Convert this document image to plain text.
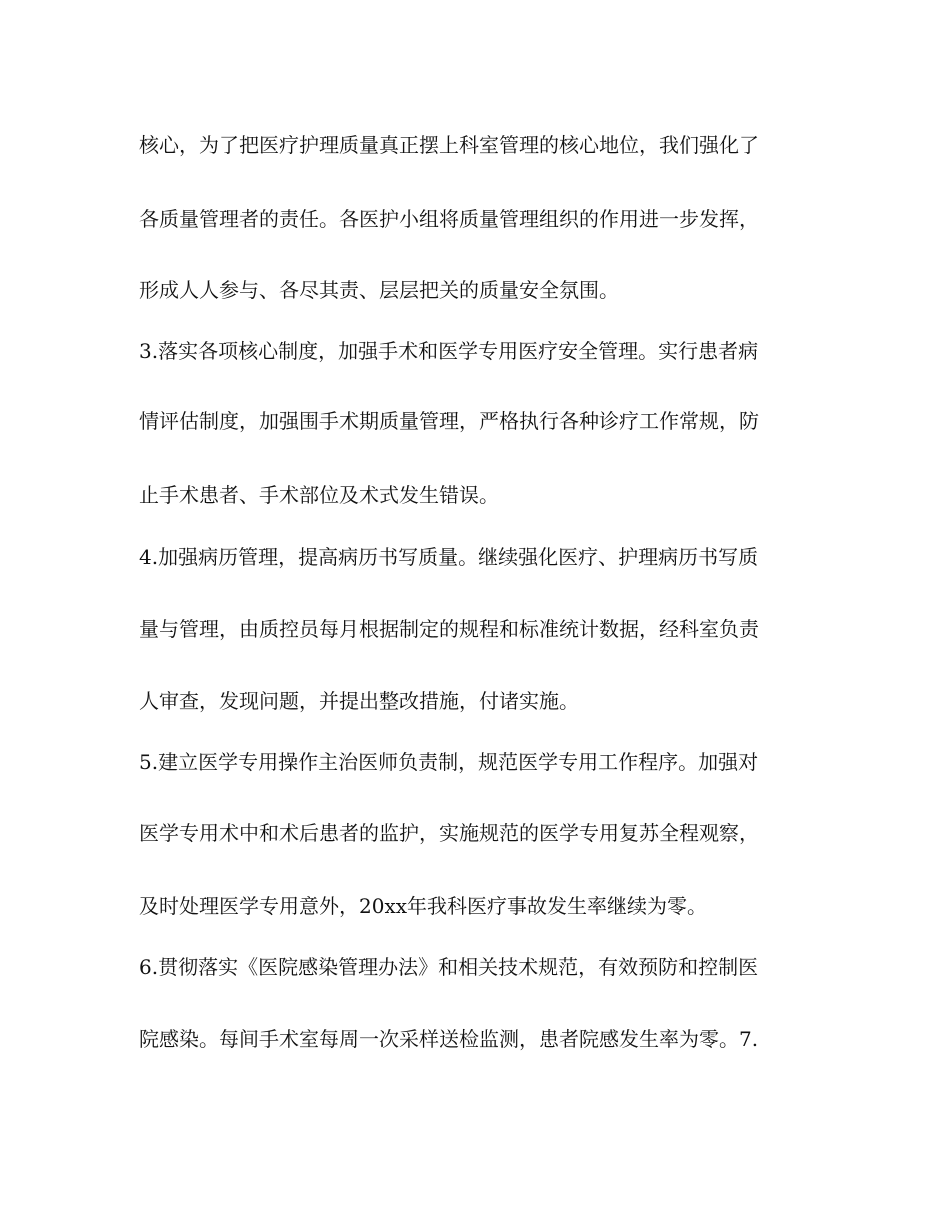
核心，为了把医疗护理质量真正摆上科室管理的核心地位，我们强化了
各质量管理者的责任。各医护小组将质量管理组织的作用进一步发挥，
形成人人参与、各尽其责、层层把关的质量安全氛围。
3.落实各项核心制度，加强手术和医学专用医疗安全管理。实行患者病
情评估制度，加强围手术期质量管理，严格执行各种诊疗工作常规，防
止手术患者、手术部位及术式发生错误。
4.加强病历管理，提高病历书写质量。继续强化医疗、护理病历书写质
量与管理，由质控员每月根据制定的规程和标准统计数据，经科室负责
人审查，发现问题，并提出整改措施，付诸实施。
5.建立医学专用操作主治医师负责制，规范医学专用工作程序。加强对
医学专用术中和术后患者的监护，实施规范的医学专用复苏全程观察，
及时处理医学专用意外，20xx年我科医疗事故发生率继续为零。
6.贯彻落实《医院感染管理办法》和相关技术规范，有效预防和控制医
院感染。每间手术室每周一次采样送检监测，患者院感发生率为零。7.
